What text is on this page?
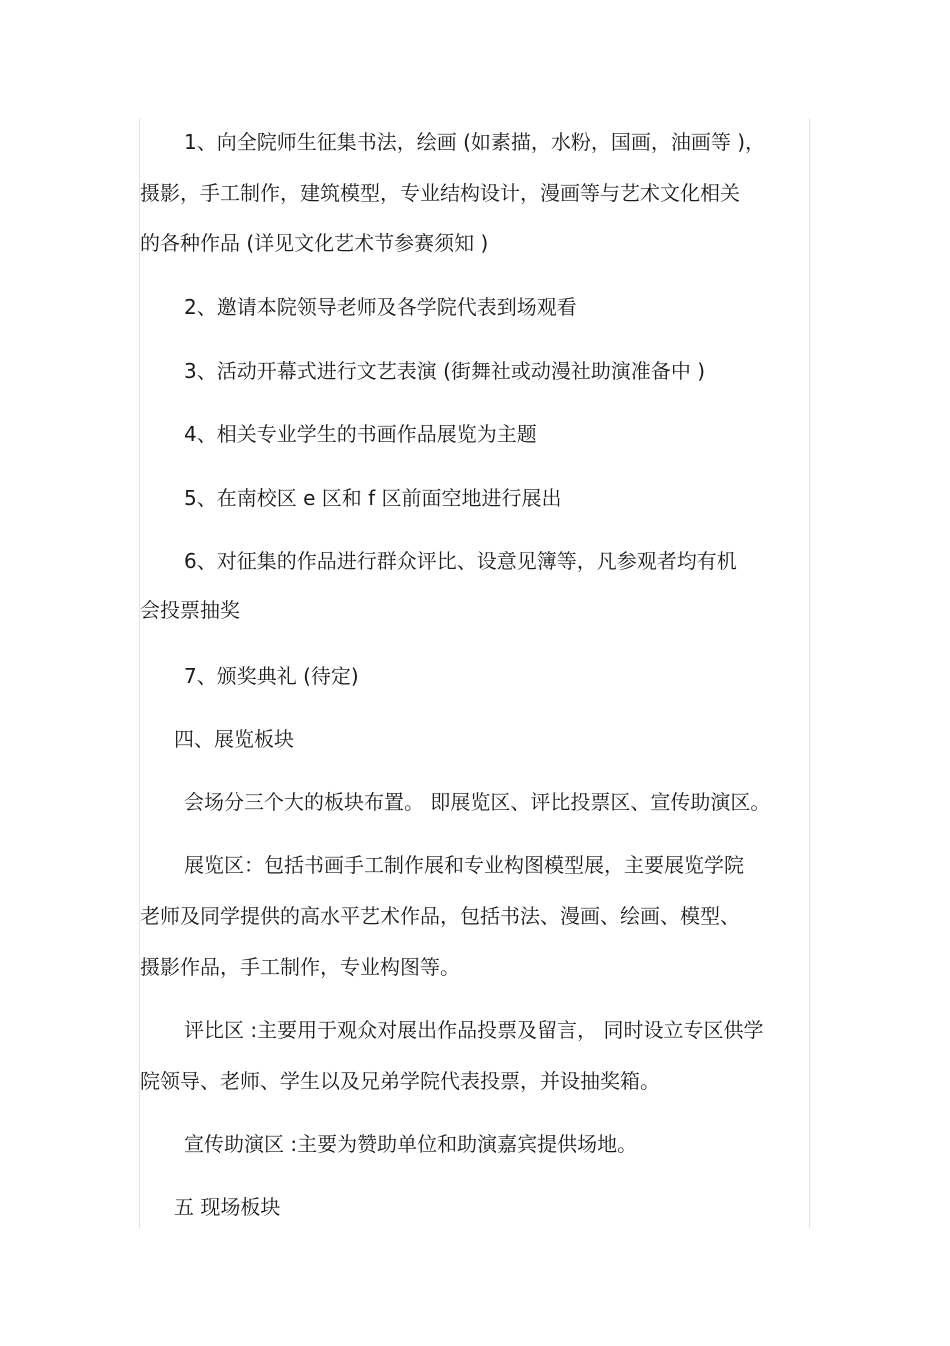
1、向全院师生征集书法，绘画 (如素描，水粉，国画，油画等 )，
摄影，手工制作，建筑模型，专业结构设计，漫画等与艺术文化相关
的各种作品 (详见文化艺术节参赛须知 )
2、邀请本院领导老师及各学院代表到场观看
3、活动开幕式进行文艺表演 (街舞社或动漫社助演准备中 )
4、相关专业学生的书画作品展览为主题
5、在南校区 e 区和 f 区前面空地进行展出
6、对征集的作品进行群众评比、设意见簿等，凡参观者均有机
会投票抽奖
7、颁奖典礼 (待定)
四、展览板块
会场分三个大的板块布置。 即展览区、评比投票区、宣传助演区。
展览区：包括书画手工制作展和专业构图模型展，主要展览学院
老师及同学提供的高水平艺术作品，包括书法、漫画、绘画、模型、
摄影作品，手工制作，专业构图等。
评比区 :主要用于观众对展出作品投票及留言， 同时设立专区供学
院领导、老师、学生以及兄弟学院代表投票，并设抽奖箱。
宣传助演区 :主要为赞助单位和助演嘉宾提供场地。
五 现场板块
